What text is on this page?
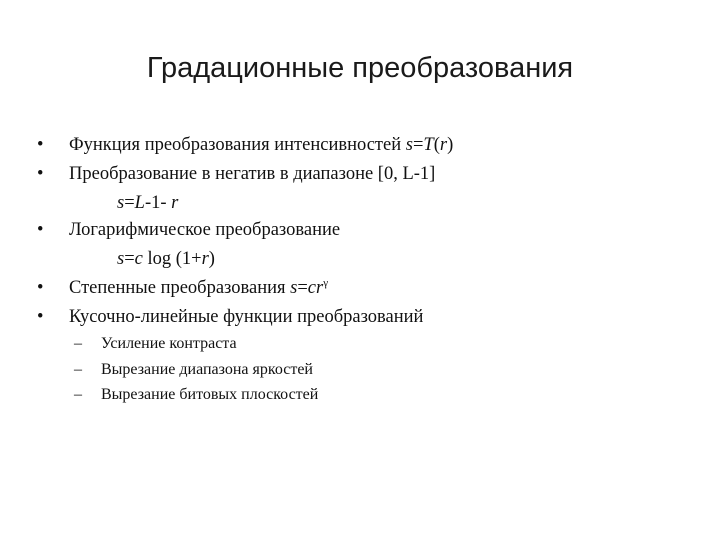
Градационные преобразования
• Функция преобразования интенсивностей s=T(r)
• Преобразование в негатив в диапазоне [0, L-1]
s=L-1- r
• Логарифмическое преобразование
s=c log (1+r)
• Степенные преобразования $s=cr^\gamma$
• Кусочно-линейные функции преобразований
– Усиление контраста
– Вырезание диапазона яркостей
– Вырезание битовых плоскостей
